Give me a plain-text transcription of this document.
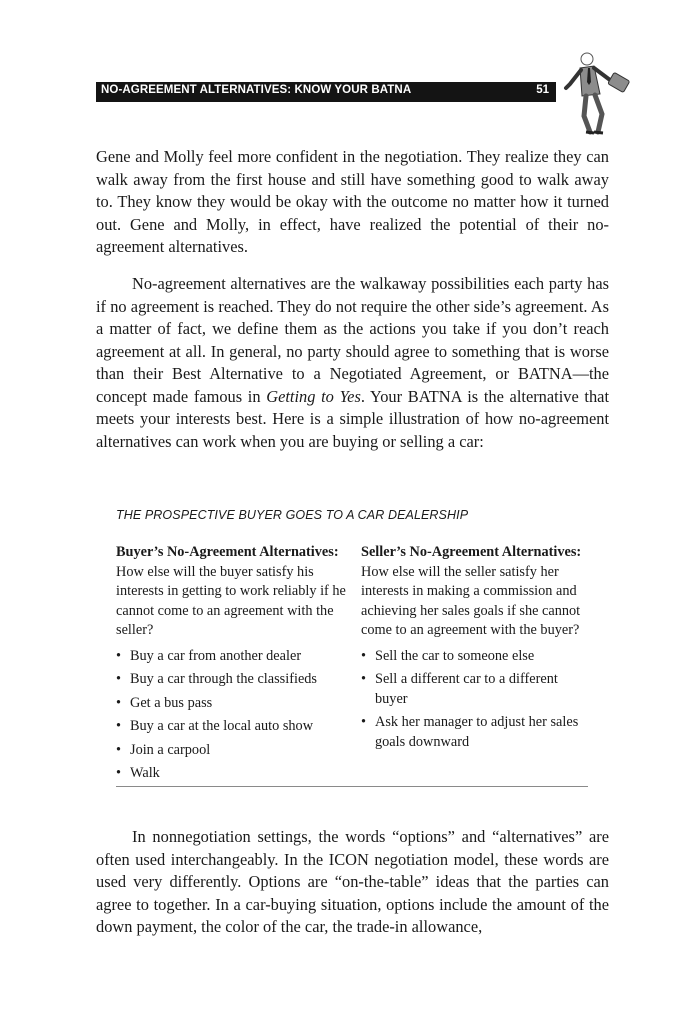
NO-AGREEMENT ALTERNATIVES: KNOW YOUR BATNA	51

Gene and Molly feel more confident in the negotiation. They realize they can walk away from the first house and still have something good to walk away to. They know they would be okay with the outcome no matter how it turned out. Gene and Molly, in effect, have realized the potential of their no-agreement alternatives.

No-agreement alternatives are the walkaway possibilities each party has if no agreement is reached. They do not require the other side’s agreement. As a matter of fact, we define them as the actions you take if you don’t reach agreement at all. In general, no party should agree to something that is worse than their Best Alternative to a Negotiated Agreement, or BATNA—the concept made famous in Getting to Yes. Your BATNA is the alternative that meets your interests best. Here is a simple illustration of how no-agreement alternatives can work when you are buying or selling a car:

THE PROSPECTIVE BUYER GOES TO A CAR DEALERSHIP

Buyer’s No-Agreement Alternatives: How else will the buyer satisfy his interests in getting to work reliably if he cannot come to an agreement with the seller?

• Buy a car from another dealer
• Buy a car through the classifieds
• Get a bus pass
• Buy a car at the local auto show
• Join a carpool
• Walk

Seller’s No-Agreement Alternatives: How else will the seller satisfy her interests in making a commission and achieving her sales goals if she cannot come to an agreement with the buyer?

• Sell the car to someone else
• Sell a different car to a different buyer
• Ask her manager to adjust her sales goals downward

In nonnegotiation settings, the words “options” and “alternatives” are often used interchangeably. In the ICON negotiation model, these words are used very differently. Options are “on-the-table” ideas that the parties can agree to together. In a car-buying situation, options include the amount of the down payment, the color of the car, the trade-in allowance,
